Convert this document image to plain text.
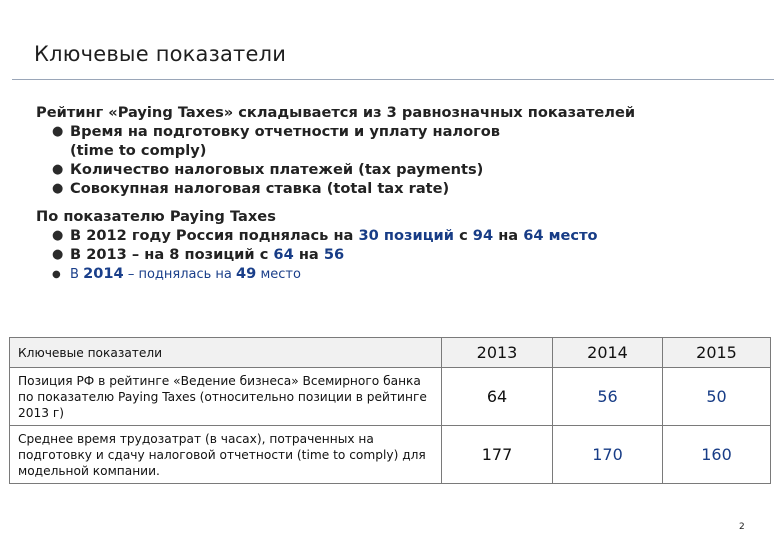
Ключевые показатели

Рейтинг «Paying Taxes» складывается из 3 равнозначных показателей

● Время на подготовку отчетности и уплату налогов
(time to comply)
● Количество налоговых платежей (tax payments)
● Совокупная налоговая ставка (total tax rate)

По показателю Paying Taxes

● В 2012 году Россия поднялась на 30 позиций с 94 на 64 место
● В 2013 – на 8 позиций с 64 на 56
● В 2014 – поднялась на 49 место
Ключевые показатели	2013	2014	2015
Позиция РФ в рейтинге «Ведение бизнеса» Всемирного банка по показателю Paying Taxes (относительно позиции в рейтинге 2013 г)	64	56	50
Среднее время трудозатрат (в часах), потраченных на подготовку и сдачу налоговой отчетности (time to comply) для модельной компании.	177	170	160
2
